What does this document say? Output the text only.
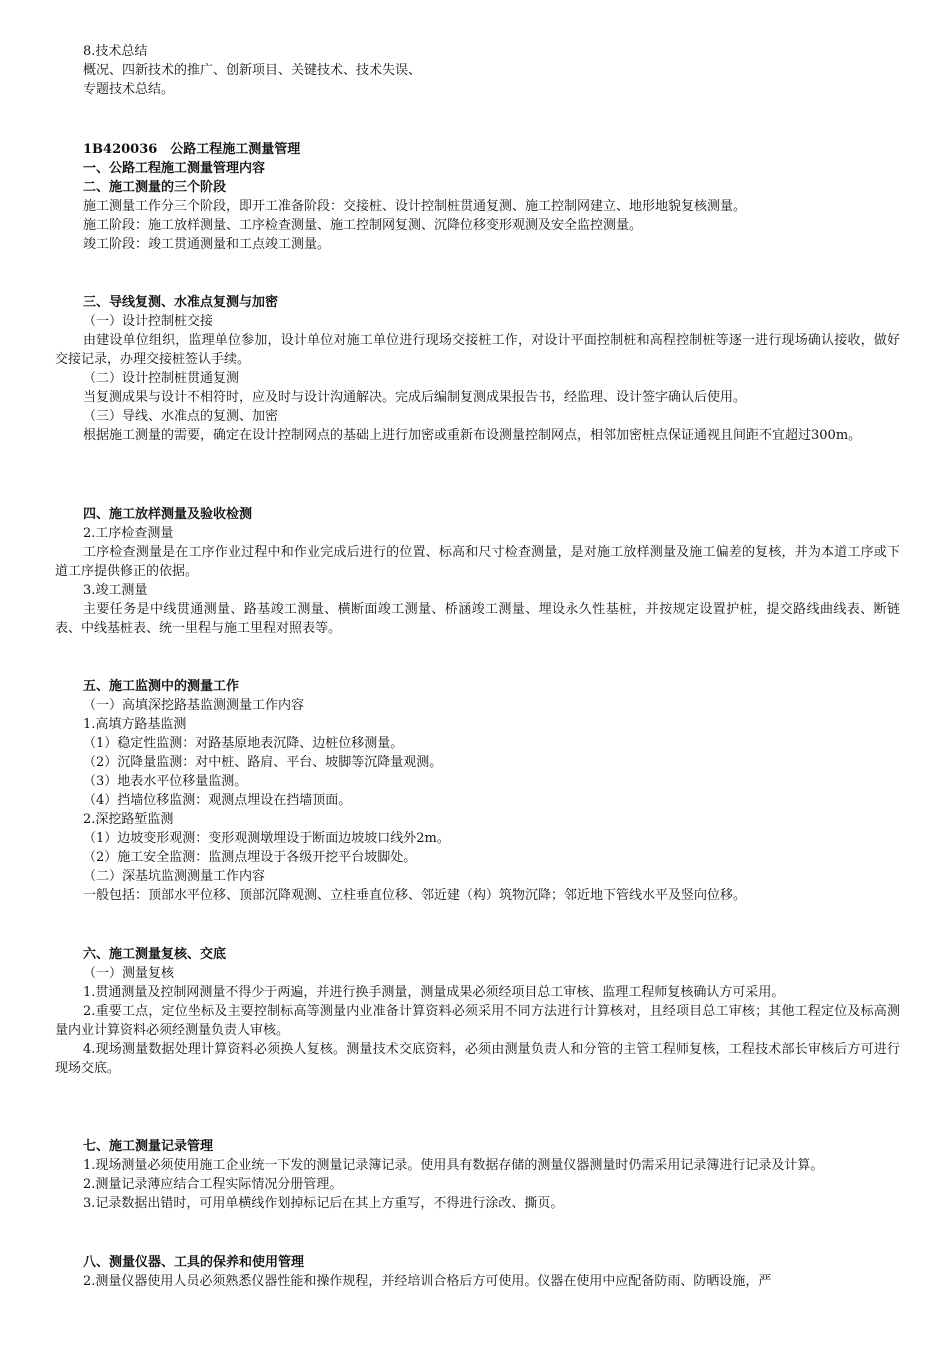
8.技术总结
概况、四新技术的推广、创新项目、关键技术、技术失误、
专题技术总结。
1B420036　公路工程施工测量管理
一、公路工程施工测量管理内容
二、施工测量的三个阶段
施工测量工作分三个阶段，即开工准备阶段：交接桩、设计控制桩贯通复测、施工控制网建立、地形地貌复核测量。
施工阶段：施工放样测量、工序检查测量、施工控制网复测、沉降位移变形观测及安全监控测量。
竣工阶段：竣工贯通测量和工点竣工测量。
三、导线复测、水准点复测与加密
（一）设计控制桩交接
由建设单位组织，监理单位参加，设计单位对施工单位进行现场交接桩工作，对设计平面控制桩和高程控制桩等逐一进行现场确认接收，做好交接记录，办理交接桩签认手续。
（二）设计控制桩贯通复测
当复测成果与设计不相符时，应及时与设计沟通解决。完成后编制复测成果报告书，经监理、设计签字确认后使用。
（三）导线、水准点的复测、加密
根据施工测量的需要，确定在设计控制网点的基础上进行加密或重新布设测量控制网点，相邻加密桩点保证通视且间距不宜超过300m。
四、施工放样测量及验收检测
2.工序检查测量
工序检查测量是在工序作业过程中和作业完成后进行的位置、标高和尺寸检查测量，是对施工放样测量及施工偏差的复核，并为本道工序或下道工序提供修正的依据。
3.竣工测量
主要任务是中线贯通测量、路基竣工测量、横断面竣工测量、桥涵竣工测量、埋设永久性基桩，并按规定设置护桩，提交路线曲线表、断链表、中线基桩表、统一里程与施工里程对照表等。
五、施工监测中的测量工作
（一）高填深挖路基监测测量工作内容
1.高填方路基监测
（1）稳定性监测：对路基原地表沉降、边桩位移测量。
（2）沉降量监测：对中桩、路肩、平台、坡脚等沉降量观测。
（3）地表水平位移量监测。
（4）挡墙位移监测：观测点埋设在挡墙顶面。
2.深挖路堑监测
（1）边坡变形观测：变形观测墩埋设于断面边坡坡口线外2m。
（2）施工安全监测：监测点埋设于各级开挖平台坡脚处。
（二）深基坑监测测量工作内容
一般包括：顶部水平位移、顶部沉降观测、立柱垂直位移、邻近建（构）筑物沉降；邻近地下管线水平及竖向位移。
六、施工测量复核、交底
（一）测量复核
1.贯通测量及控制网测量不得少于两遍，并进行换手测量，测量成果必须经项目总工审核、监理工程师复核确认方可采用。
2.重要工点，定位坐标及主要控制标高等测量内业准备计算资料必须采用不同方法进行计算核对，且经项目总工审核；其他工程定位及标高测量内业计算资料必须经测量负责人审核。
4.现场测量数据处理计算资料必须换人复核。测量技术交底资料，必须由测量负责人和分管的主管工程师复核，工程技术部长审核后方可进行现场交底。
七、施工测量记录管理
1.现场测量必须使用施工企业统一下发的测量记录簿记录。使用具有数据存储的测量仪器测量时仍需采用记录簿进行记录及计算。
2.测量记录薄应结合工程实际情况分册管理。
3.记录数据出错时，可用单横线作划掉标记后在其上方重写，不得进行涂改、撕页。
八、测量仪器、工具的保养和使用管理
2.测量仪器使用人员必须熟悉仪器性能和操作规程，并经培训合格后方可使用。仪器在使用中应配备防雨、防晒设施，严
